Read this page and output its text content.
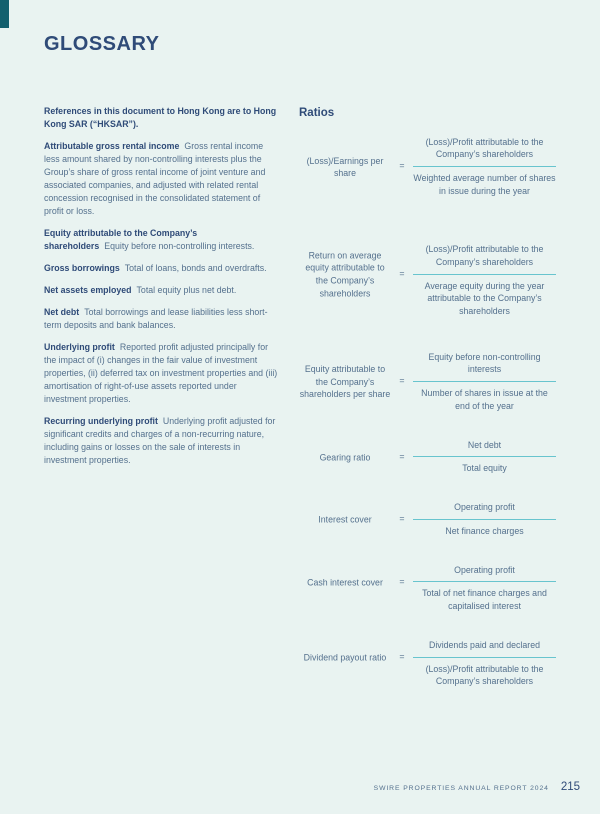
GLOSSARY

References in this document to Hong Kong are to Hong Kong SAR (“HKSAR”).

Attributable gross rental income Gross rental income less amount shared by non-controlling interests plus the Group’s share of gross rental income of joint venture and associated companies, and adjusted with related rental concession recognised in the consolidated statement of profit or loss.

Equity attributable to the Company’s shareholders Equity before non-controlling interests.

Gross borrowings Total of loans, bonds and overdrafts.

Net assets employed Total equity plus net debt.

Net debt Total borrowings and lease liabilities less short-term deposits and bank balances.

Underlying profit Reported profit adjusted principally for the impact of (i) changes in the fair value of investment properties, (ii) deferred tax on investment properties and (iii) amortisation of right-of-use assets reported under investment properties.

Recurring underlying profit Underlying profit adjusted for significant credits and charges of a non-recurring nature, including gains or losses on the sale of interests in investment properties.

Ratios
(Loss)/Earnings per share
=
(Loss)/Profit attributable to the Company’s shareholders
Weighted average number of shares in issue during the year
Return on average equity attributable to the Company’s shareholders
=
(Loss)/Profit attributable to the Company’s shareholders
Average equity during the year attributable to the Company’s shareholders
Equity attributable to the Company’s shareholders per share
=
Equity before non-controlling interests
Number of shares in issue at the end of the year
Gearing ratio	=
Net debt
Total equity
Interest cover	=
Operating profit
Net finance charges
Cash interest cover	=
Operating profit
Total of net finance charges and capitalised interest
Dividend payout ratio	=
Dividends paid and declared
(Loss)/Profit attributable to the Company’s shareholders
SWIRE PROPERTIES ANNUAL REPORT 2024 215
